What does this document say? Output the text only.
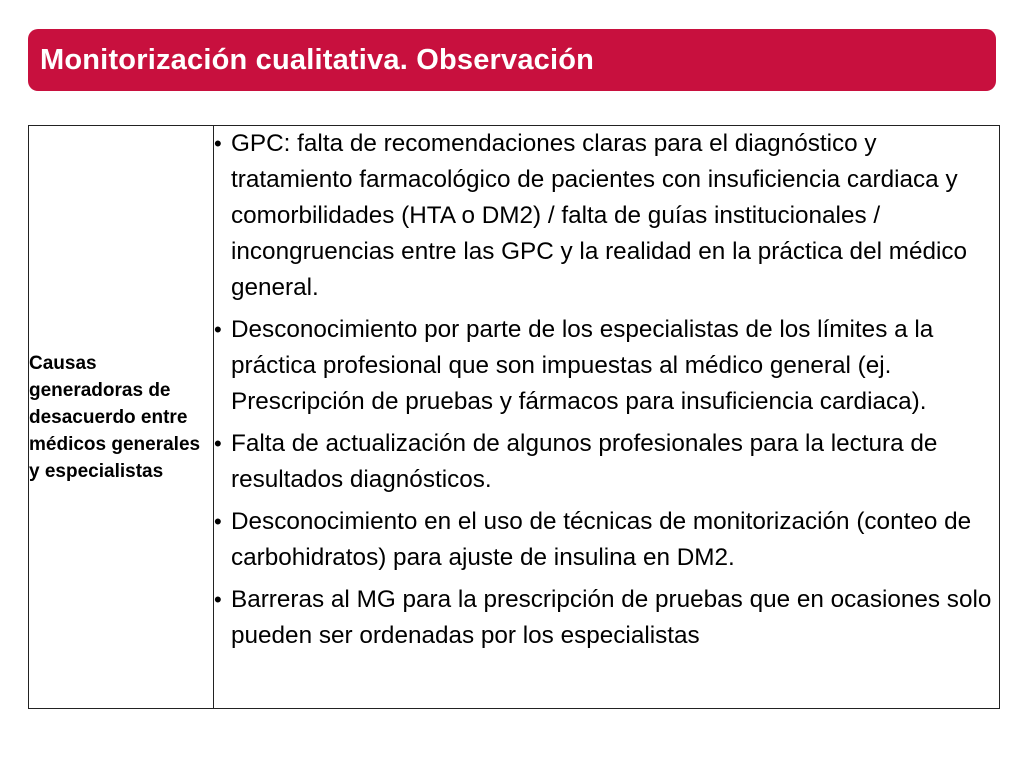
Monitorización cualitativa. Observación
Causas generadoras de desacuerdo entre médicos generales y especialistas

• GPC: falta de recomendaciones claras para el diagnóstico y tratamiento farmacológico de pacientes con insuficiencia cardiaca y comorbilidades (HTA o DM2) / falta de guías institucionales / incongruencias entre las GPC y la realidad en la práctica del médico general.
• Desconocimiento por parte de los especialistas de los límites a la práctica profesional que son impuestas al médico general (ej. Prescripción de pruebas y fármacos para insuficiencia cardiaca).
• Falta de actualización de algunos profesionales para la lectura de resultados diagnósticos.
• Desconocimiento en el uso de técnicas de monitorización (conteo de carbohidratos) para ajuste de insulina en DM2.
• Barreras al MG para la prescripción de pruebas que en ocasiones solo pueden ser ordenadas por los especialistas
